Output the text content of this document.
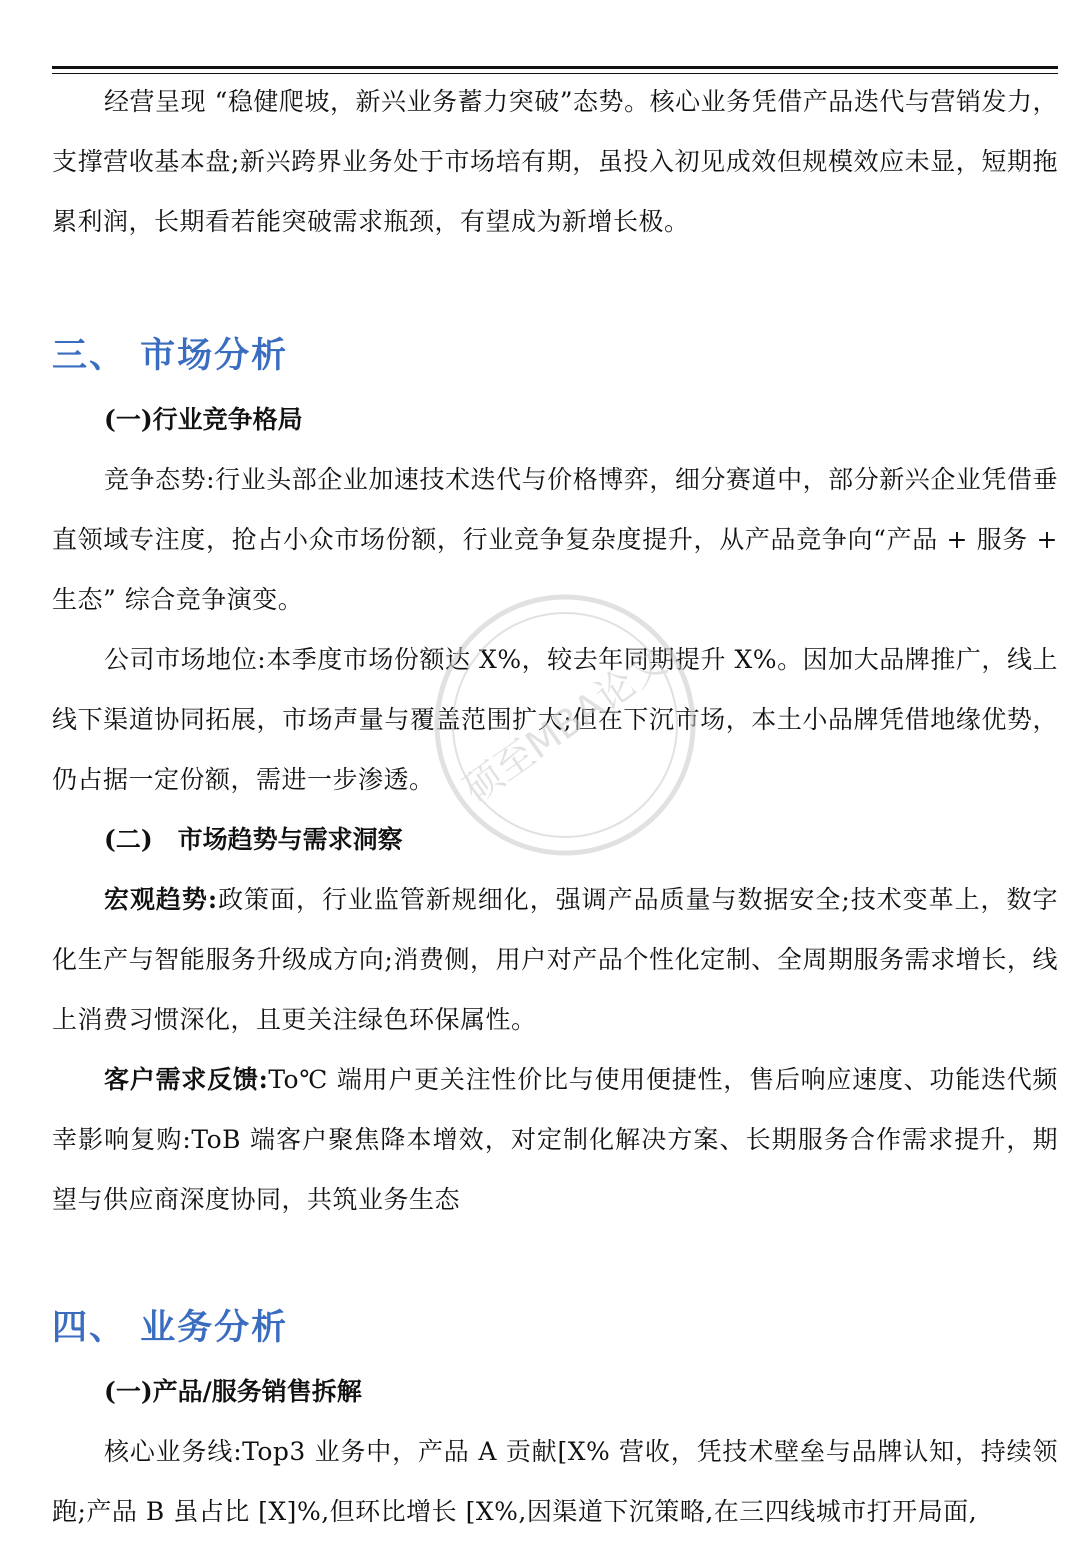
经营呈现 “稳健爬坡，新兴业务蓄力突破”态势。核心业务凭借产品迭代与营销发力，支撑营收基本盘;新兴跨界业务处于市场培有期，虽投入初见成效但规模效应未显，短期拖累利润，长期看若能突破需求瓶颈，有望成为新增长极。

三、 市场分析
(一)行业竞争格局

竞争态势:行业头部企业加速技术迭代与价格博弈，细分赛道中，部分新兴企业凭借垂直领域专注度，抢占小众市场份额，行业竞争复杂度提升，从产品竞争向“产品 + 服务 + 生态” 综合竞争演变。

公司市场地位:本季度市场份额达 X%，较去年同期提升 X%。因加大品牌推广，线上线下渠道协同拓展，市场声量与覆盖范围扩大;但在下沉市场，本土小品牌凭借地缘优势，仍占据一定份额，需进一步渗透。

(二)　市场趋势与需求洞察

宏观趋势:政策面，行业监管新规细化，强调产品质量与数据安全;技术变革上，数字化生产与智能服务升级成方向;消费侧，用户对产品个性化定制、全周期服务需求增长，线上消费习惯深化，且更关注绿色环保属性。

客户需求反馈:To℃ 端用户更关注性价比与使用便捷性，售后响应速度、功能迭代频幸影响复购:ToB 端客户聚焦降本增效，对定制化解决方案、长期服务合作需求提升，期望与供应商深度协同，共筑业务生态

四、 业务分析
(一)产品/服务销售拆解

核心业务线:Top3 业务中，产品 A 贡献[X% 营收，凭技术壁垒与品牌认知，持续领跑;产品 B 虽占比 [X]%,但环比增长 [X%,因渠道下沉策略,在三四线城市打开局面,

硕至MBA论文
